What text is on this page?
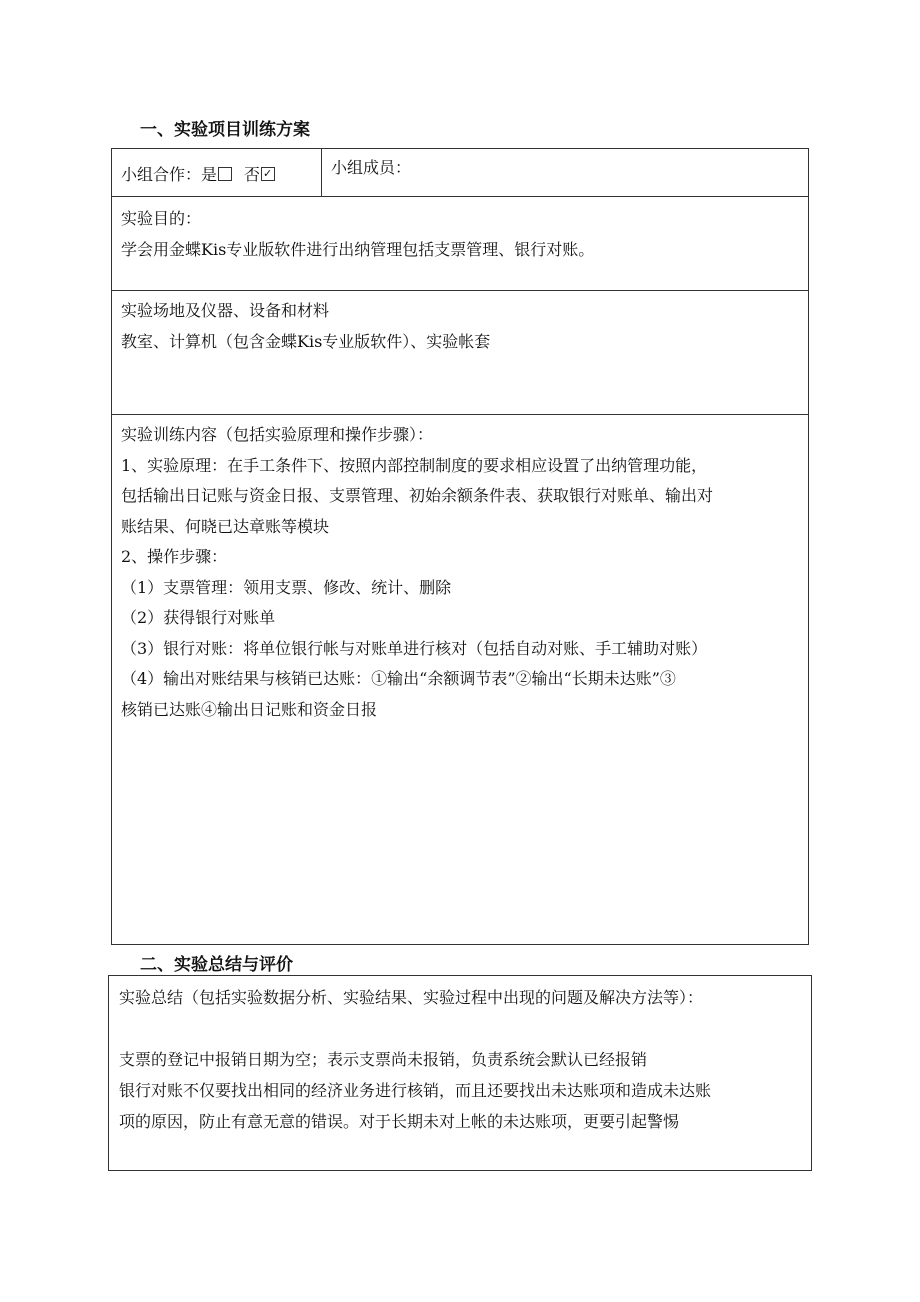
一、实验项目训练方案
小组合作：是 否✓	小组成员：
实验目的：
学会用金蝶Kis专业版软件进行出纳管理包括支票管理、银行对账。
实验场地及仪器、设备和材料
教室、计算机（包含金蝶Kis专业版软件）、实验帐套
实验训练内容（包括实验原理和操作步骤）：
1、实验原理：在手工条件下、按照内部控制制度的要求相应设置了出纳管理功能，
包括输出日记账与资金日报、支票管理、初始余额条件表、获取银行对账单、输出对
账结果、何晓已达章账等模块
2、操作步骤：
（1）支票管理：领用支票、修改、统计、删除
（2）获得银行对账单
（3）银行对账：将单位银行帐与对账单进行核对（包括自动对账、手工辅助对账）
（4）输出对账结果与核销已达账：①输出“余额调节表”②输出“长期未达账”③
核销已达账④输出日记账和资金日报
二、实验总结与评价
实验总结（包括实验数据分析、实验结果、实验过程中出现的问题及解决方法等）：
支票的登记中报销日期为空；表示支票尚未报销，负责系统会默认已经报销
银行对账不仅要找出相同的经济业务进行核销，而且还要找出未达账项和造成未达账
项的原因，防止有意无意的错误。对于长期未对上帐的未达账项，更要引起警惕
